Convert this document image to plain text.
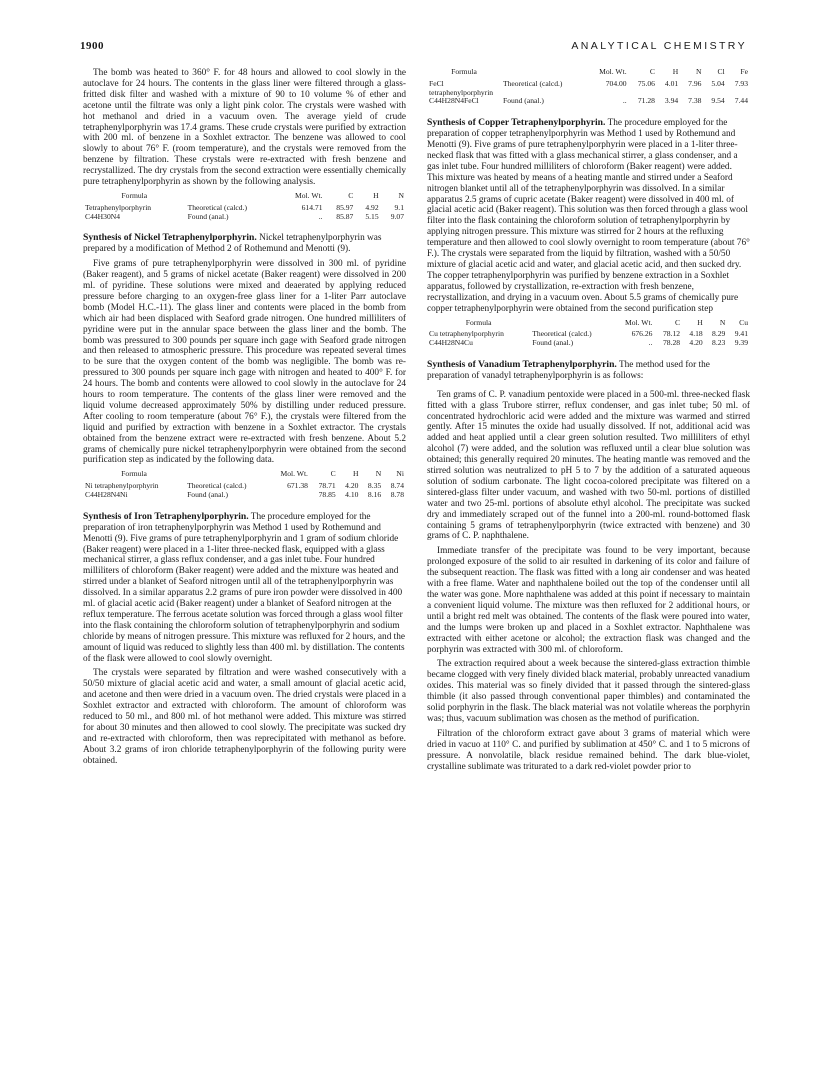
1900	ANALYTICAL CHEMISTRY

The bomb was heated to 360° F. for 48 hours and allowed to cool slowly in the autoclave for 24 hours. The contents in the glass liner were filtered through a glass-fritted disk filter and washed with a mixture of 90 to 10 volume % of ether and acetone until the filtrate was only a light pink color. The crystals were washed with hot methanol and dried in a vacuum oven. The average yield of crude tetraphenylporphyrin was 17.4 grams. These crude crystals were purified by extraction with 200 ml. of benzene in a Soxhlet extractor. The benzene was allowed to cool slowly to about 76° F. (room temperature), and the crystals were removed from the benzene by filtration. These crystals were re-extracted with fresh benzene and recrystallized. The dry crystals from the second extraction were essentially chemically pure tetraphenylporphyrin as shown by the following analysis.

Formula		Mol. Wt.	C	H	N
Tetraphenylporphyrin	Theoretical (calcd.)	614.71	85.97	4.92	9.1
C44H30N4	Found (anal.)	..	85.87	5.15	9.07

Synthesis of Nickel Tetraphenylporphyrin. Nickel tetraphenylporphyrin was prepared by a modification of Method 2 of Rothemund and Menotti (9).

Five grams of pure tetraphenylporphyrin were dissolved in 300 ml. of pyridine (Baker reagent), and 5 grams of nickel acetate (Baker reagent) were dissolved in 200 ml. of pyridine. These solutions were mixed and deaerated by applying reduced pressure before charging to an oxygen-free glass liner for a 1-liter Parr autoclave bomb (Model H.C.-11). The glass liner and contents were placed in the bomb from which air had been displaced with Seaford grade nitrogen. One hundred milliliters of pyridine were put in the annular space between the glass liner and the bomb. The bomb was pressured to 300 pounds per square inch gage with Seaford grade nitrogen and then released to atmospheric pressure. This procedure was repeated several times to be sure that the oxygen content of the bomb was negligible. The bomb was re-pressured to 300 pounds per square inch gage with nitrogen and heated to 400° F. for 24 hours. The bomb and contents were allowed to cool slowly in the autoclave for 24 hours to room temperature. The contents of the glass liner were removed and the liquid volume decreased approximately 50% by distilling under reduced pressure. After cooling to room temperature (about 76° F.), the crystals were filtered from the liquid and purified by extraction with benzene in a Soxhlet extractor. The crystals obtained from the benzene extract were re-extracted with fresh benzene. About 5.2 grams of chemically pure nickel tetraphenylporphyrin were obtained from the second purification step as indicated by the following data.

Formula		Mol. Wt.	C	H	N	Ni
Ni tetraphenylporphyrin	Theoretical (calcd.)	671.38	78.71	4.20	8.35	8.74
C44H28N4Ni	Found (anal.)		78.85	4.10	8.16	8.78

Synthesis of Iron Tetraphenylporphyrin. The procedure employed for the preparation of iron tetraphenylporphyrin was Method 1 used by Rothemund and Menotti (9). Five grams of pure tetraphenylporphyrin and 1 gram of sodium chloride (Baker reagent) were placed in a 1-liter three-necked flask, equipped with a glass mechanical stirrer, a glass reflux condenser, and a gas inlet tube. Four hundred milliliters of chloroform (Baker reagent) were added and the mixture was heated and stirred under a blanket of Seaford nitrogen until all of the tetraphenylporphyrin was dissolved. In a similar apparatus 2.2 grams of pure iron powder were dissolved in 400 ml. of glacial acetic acid (Baker reagent) under a blanket of Seaford nitrogen at the reflux temperature. The ferrous acetate solution was forced through a glass wool filter into the flask containing the chloroform solution of tetraphenylporphyrin and sodium chloride by means of nitrogen pressure. This mixture was refluxed for 2 hours, and the amount of liquid was reduced to slightly less than 400 ml. by distillation. The contents of the flask were allowed to cool slowly overnight.

The crystals were separated by filtration and were washed consecutively with a 50/50 mixture of glacial acetic acid and water, a small amount of glacial acetic acid, and acetone and then were dried in a vacuum oven. The dried crystals were placed in a Soxhlet extractor and extracted with chloroform. The amount of chloroform was reduced to 50 ml., and 800 ml. of hot methanol were added. This mixture was stirred for about 30 minutes and then allowed to cool slowly. The precipitate was sucked dry and re-extracted with chloroform, then was reprecipitated with methanol as before. About 3.2 grams of iron chloride tetraphenylporphyrin of the following purity were obtained.

Formula		Mol. Wt.	C	H	N	Cl	Fe
FeCl tetraphenylporphyrin	Theoretical (calcd.)	704.00	75.06	4.01	7.96	5.04	7.93
C44H28N4FeCl	Found (anal.)	..	71.28	3.94	7.38	9.54	7.44

Synthesis of Copper Tetraphenylporphyrin. The procedure employed for the preparation of copper tetraphenylporphyrin was Method 1 used by Rothemund and Menotti (9). Five grams of pure tetraphenylporphyrin were placed in a 1-liter three-necked flask that was fitted with a glass mechanical stirrer, a glass condenser, and a gas inlet tube. Four hundred milliliters of chloroform (Baker reagent) were added. This mixture was heated by means of a heating mantle and stirred under a Seaford nitrogen blanket until all of the tetraphenylporphyrin was dissolved. In a similar apparatus 2.5 grams of cupric acetate (Baker reagent) were dissolved in 400 ml. of glacial acetic acid (Baker reagent). This solution was then forced through a glass wool filter into the flask containing the chloroform solution of tetraphenylporphyrin by applying nitrogen pressure. This mixture was stirred for 2 hours at the refluxing temperature and then allowed to cool slowly overnight to room temperature (about 76° F.). The crystals were separated from the liquid by filtration, washed with a 50/50 mixture of glacial acetic acid and water, and glacial acetic acid, and then sucked dry. The copper tetraphenylporphyrin was purified by benzene extraction in a Soxhlet apparatus, followed by crystallization, re-extraction with fresh benzene, recrystallization, and drying in a vacuum oven. About 5.5 grams of chemically pure copper tetraphenylporphyrin were obtained from the second purification step

Formula		Mol. Wt.	C	H	N	Cu
Cu tetraphenylporphyrin	Theoretical (calcd.)	676.26	78.12	4.18	8.29	9.41
C44H28N4Cu	Found (anal.)	..	78.28	4.20	8.23	9.39

Synthesis of Vanadium Tetraphenylporphyrin. The method used for the preparation of vanadyl tetraphenylporphyrin is as follows:

Ten grams of C. P. vanadium pentoxide were placed in a 500-ml. three-necked flask fitted with a glass Trubore stirrer, reflux condenser, and gas inlet tube; 50 ml. of concentrated hydrochloric acid were added and the mixture was warmed and stirred gently. After 15 minutes the oxide had usually dissolved. If not, additional acid was added and heat applied until a clear green solution resulted. Two milliliters of ethyl alcohol (7) were added, and the solution was refluxed until a clear blue solution was obtained; this generally required 20 minutes. The heating mantle was removed and the stirred solution was neutralized to pH 5 to 7 by the addition of a saturated aqueous solution of sodium carbonate. The light cocoa-colored precipitate was filtered on a sintered-glass filter under vacuum, and washed with two 50-ml. portions of distilled water and two 25-ml. portions of absolute ethyl alcohol. The precipitate was sucked dry and immediately scraped out of the funnel into a 200-ml. round-bottomed flask containing 5 grams of tetraphenylporphyrin (twice extracted with benzene) and 30 grams of C. P. naphthalene.

Immediate transfer of the precipitate was found to be very important, because prolonged exposure of the solid to air resulted in darkening of its color and failure of the subsequent reaction. The flask was fitted with a long air condenser and was heated with a free flame. Water and naphthalene boiled out the top of the condenser until all the water was gone. More naphthalene was added at this point if necessary to maintain a convenient liquid volume. The mixture was then refluxed for 2 additional hours, or until a bright red melt was obtained. The contents of the flask were poured into water, and the lumps were broken up and placed in a Soxhlet extractor. Naphthalene was extracted with either acetone or alcohol; the extraction flask was changed and the porphyrin was extracted with 300 ml. of chloroform.

The extraction required about a week because the sintered-glass extraction thimble became clogged with very finely divided black material, probably unreacted vanadium oxides. This material was so finely divided that it passed through the sintered-glass thimble (it also passed through conventional paper thimbles) and contaminated the solid porphyrin in the flask. The black material was not volatile whereas the porphyrin was; thus, vacuum sublimation was chosen as the method of purification.

Filtration of the chloroform extract gave about 3 grams of material which were dried in vacuo at 110° C. and purified by sublimation at 450° C. and 1 to 5 microns of pressure. A nonvolatile, black residue remained behind. The dark blue-violet, crystalline sublimate was triturated to a dark red-violet powder prior to
